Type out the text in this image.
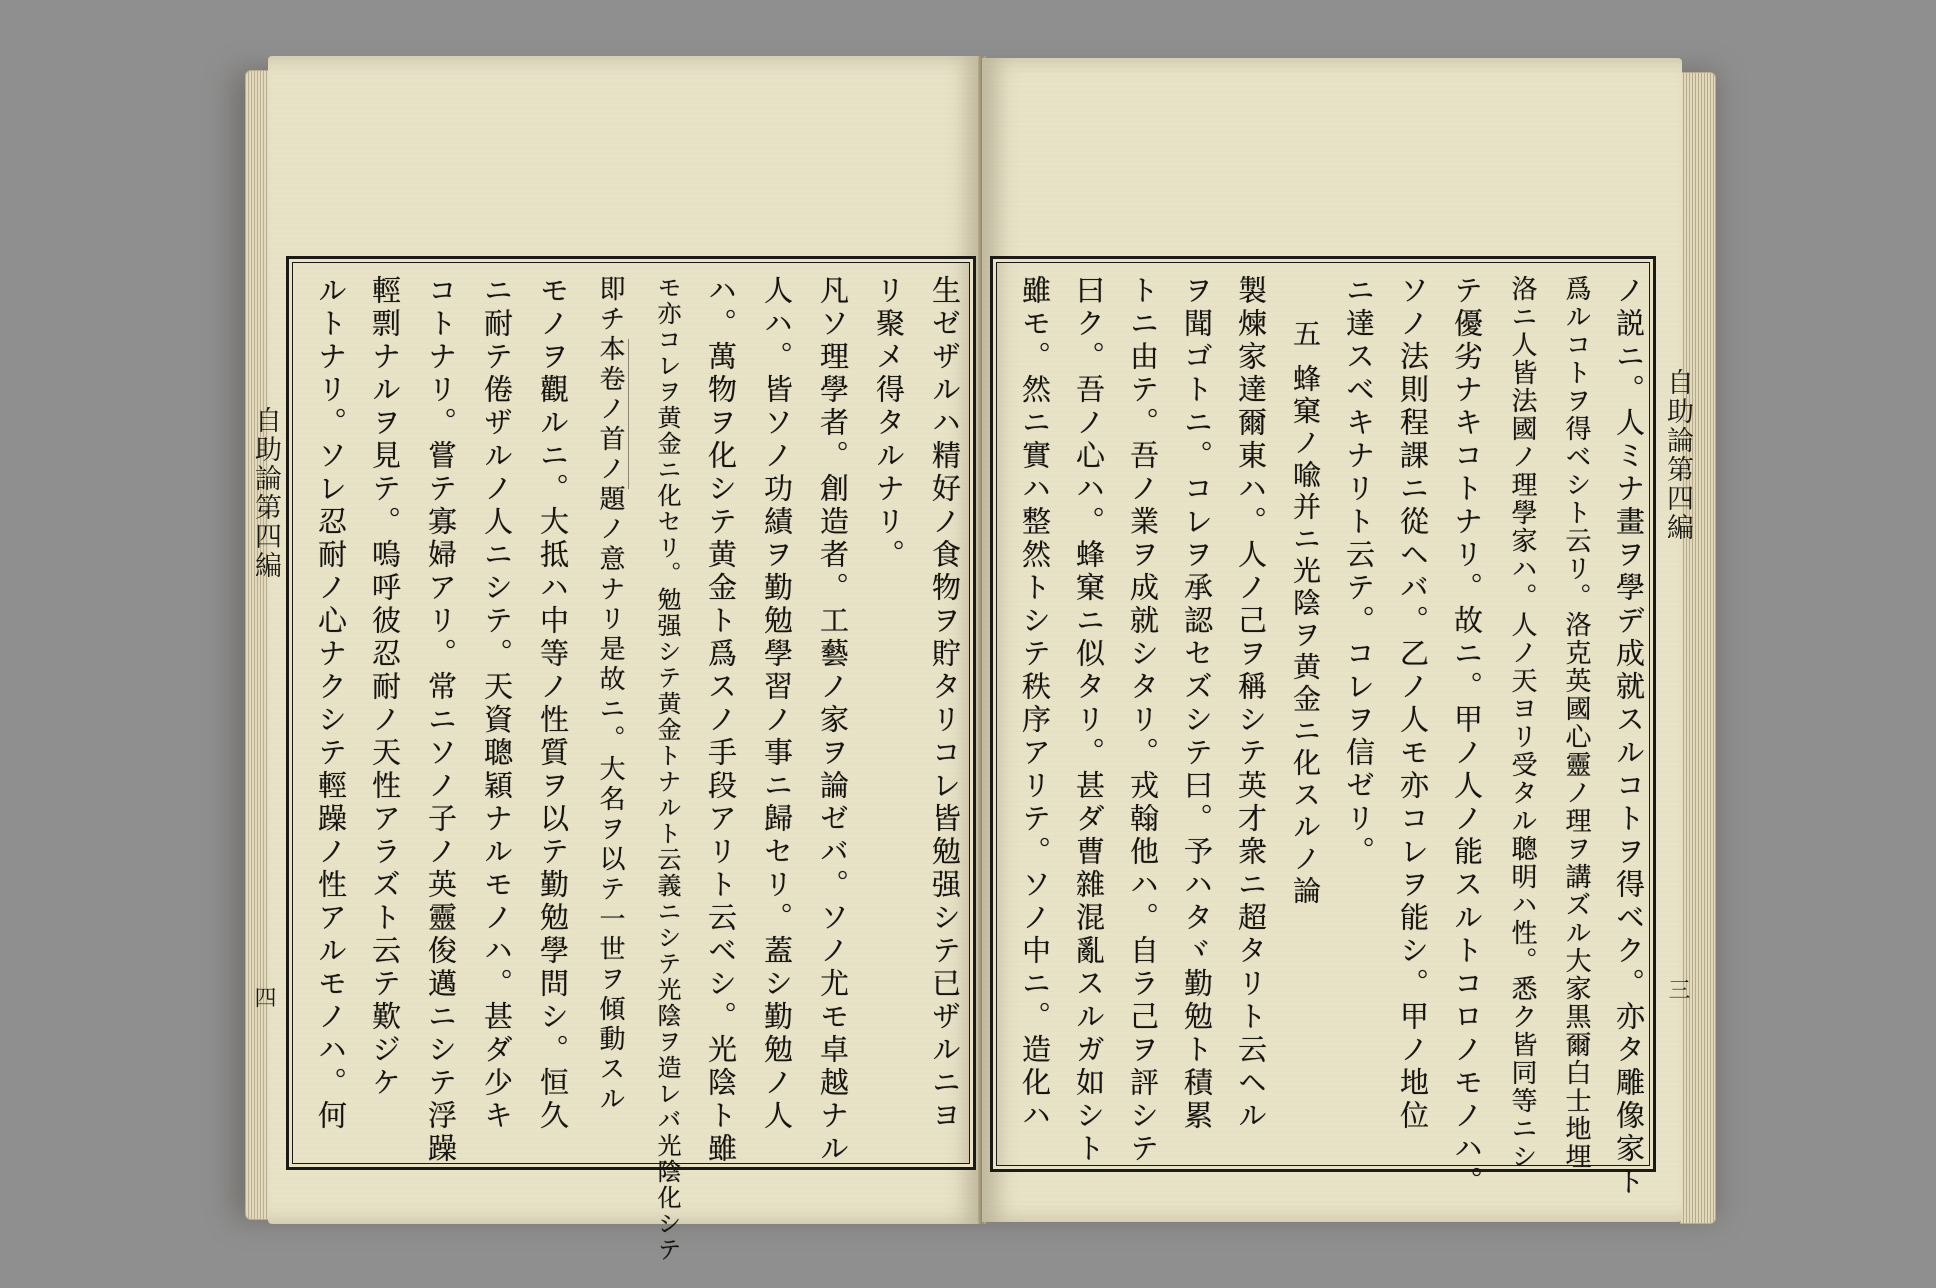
自助論第四編
四	生ゼザルハ精好ノ食物ヲ貯タリコレ皆勉强シテ已ザルニヨ
リ聚メ得タルナリ。
凡ソ理學者。創造者。工藝ノ家ヲ論ゼバ。ソノ尤モ卓越ナル
人ハ。皆ソノ功績ヲ勤勉學習ノ事ニ歸セリ。蓋シ勤勉ノ人
ハ。萬物ヲ化シテ黄金ト爲スノ手段アリト云ベシ。光陰ト雖
モ亦コレヲ黄金ニ化セリ。勉强シテ黄金トナルト云義ニシテ光陰ヲ造レバ光陰化シテ
即チ本卷ノ首ノ題ノ意ナリ是故ニ。大名ヲ以テ一世ヲ傾動スル
モノヲ觀ルニ。大抵ハ中等ノ性質ヲ以テ勤勉學問シ。恒久
ニ耐テ倦ザルノ人ニシテ。天資聰穎ナルモノハ。甚ダ少キ
コトナリ。嘗テ寡婦アリ。常ニソノ子ノ英靈俊邁ニシテ浮躁
輕剽ナルヲ見テ。嗚呼彼忍耐ノ天性アラズト云テ歎ジケ
ルトナリ。ソレ忍耐ノ心ナクシテ輕躁ノ性アルモノハ。何	自助論第四編
三
ノ説ニ。人ミナ畫ヲ學デ成就スルコトヲ得ベク。亦タ雕像家ト
爲ルコトヲ得ベシト云リ。洛克英國心靈ノ理ヲ講ズル大家黒爾白士地埋
洛ニ人皆法國ノ理學家ハ。人ノ天ヨリ受タル聰明ハ性。悉ク皆同等ニシ
テ優劣ナキコトナリ。故ニ。甲ノ人ノ能スルトコロノモノハ。
ソノ法則程課ニ從ヘバ。乙ノ人モ亦コレヲ能シ。甲ノ地位
ニ達スベキナリト云テ。コレヲ信ゼリ。
五 蜂窠ノ喩并ニ光陰ヲ黄金ニ化スルノ論
製煉家達爾東ハ。人ノ己ヲ稱シテ英才衆ニ超タリト云ヘル
ヲ聞ゴトニ。コレヲ承認セズシテ曰。予ハタヾ勤勉ト積累
トニ由テ。吾ノ業ヲ成就シタリ。戎翰他ハ。自ラ己ヲ評シテ
曰ク。吾ノ心ハ。蜂窠ニ似タリ。甚ダ曹雜混亂スルガ如シト
雖モ。然ニ實ハ整然トシテ秩序アリテ。ソノ中ニ。造化ハ
